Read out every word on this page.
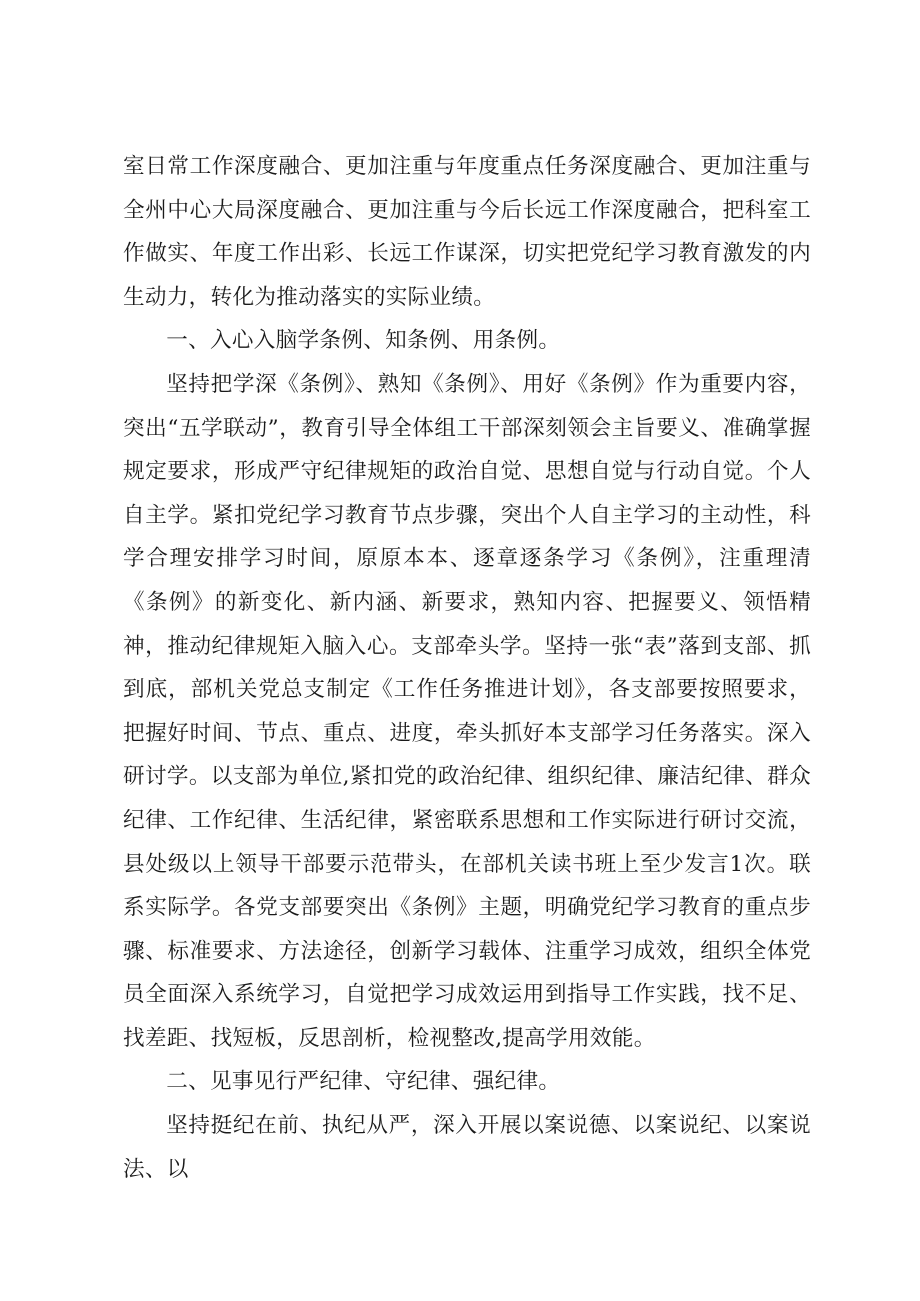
室日常工作深度融合、更加注重与年度重点任务深度融合、更加注重与全州中心大局深度融合、更加注重与今后长远工作深度融合，把科室工作做实、年度工作出彩、长远工作谋深，切实把党纪学习教育激发的内生动力，转化为推动落实的实际业绩。

一、入心入脑学条例、知条例、用条例。

坚持把学深《条例》、熟知《条例》、用好《条例》作为重要内容，突出“五学联动”，教育引导全体组工干部深刻领会主旨要义、准确掌握规定要求，形成严守纪律规矩的政治自觉、思想自觉与行动自觉。个人自主学。紧扣党纪学习教育节点步骤，突出个人自主学习的主动性，科学合理安排学习时间，原原本本、逐章逐条学习《条例》，注重理清《条例》的新变化、新内涵、新要求，熟知内容、把握要义、领悟精神，推动纪律规矩入脑入心。支部牵头学。坚持一张“表”落到支部、抓到底，部机关党总支制定《工作任务推进计划》，各支部要按照要求，把握好时间、节点、重点、进度，牵头抓好本支部学习任务落实。深入研讨学。以支部为单位,紧扣党的政治纪律、组织纪律、廉洁纪律、群众纪律、工作纪律、生活纪律，紧密联系思想和工作实际进行研讨交流，县处级以上领导干部要示范带头，在部机关读书班上至少发言1次。联系实际学。各党支部要突出《条例》主题，明确党纪学习教育的重点步骤、标准要求、方法途径，创新学习载体、注重学习成效，组织全体党员全面深入系统学习，自觉把学习成效运用到指导工作实践，找不足、找差距、找短板，反思剖析，检视整改,提高学用效能。

二、见事见行严纪律、守纪律、强纪律。

坚持挺纪在前、执纪从严，深入开展以案说德、以案说纪、以案说法、以
